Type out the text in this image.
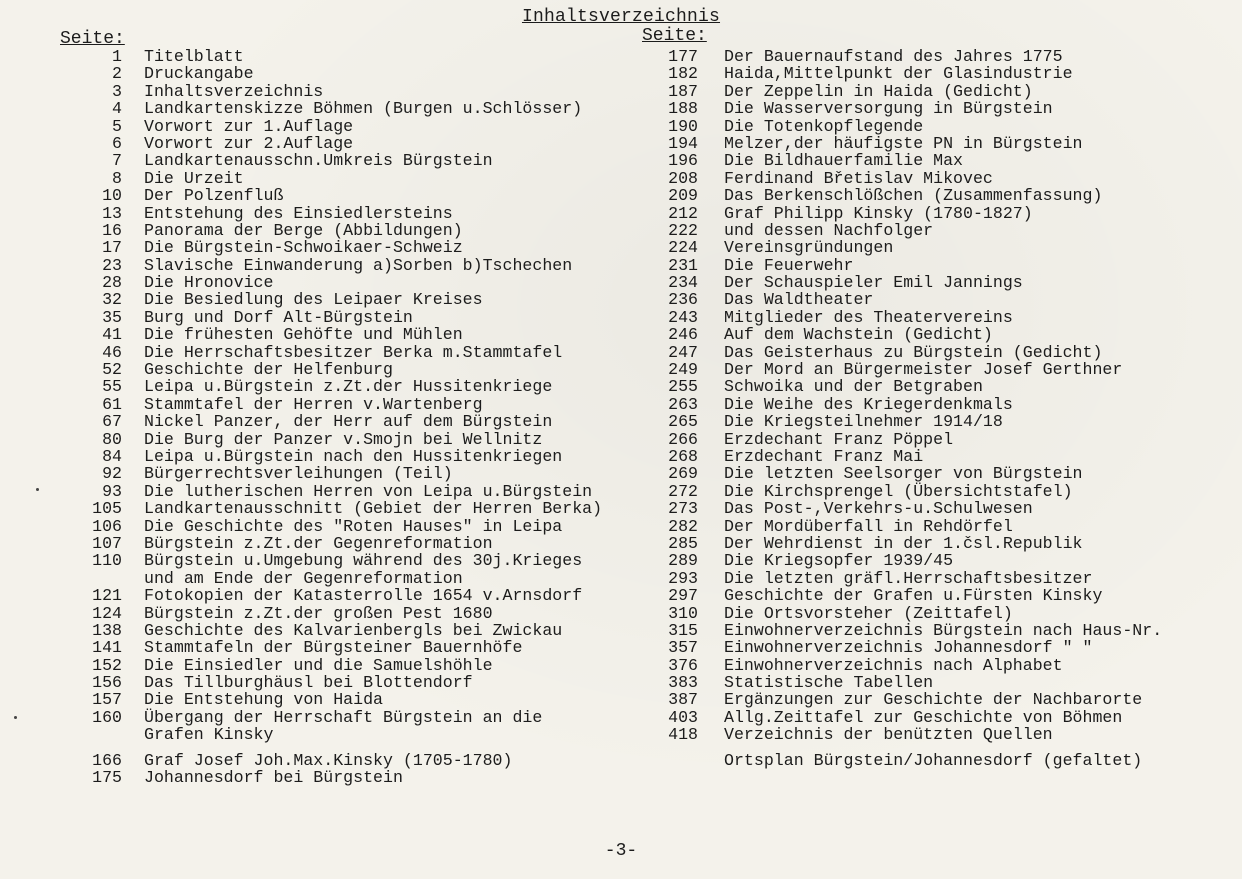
Inhaltsverzeichnis
Seite:	Seite:
1 Titelblatt
2 Druckangabe
3 Inhaltsverzeichnis
4 Landkartenskizze Böhmen (Burgen u.Schlösser)
5 Vorwort zur 1.Auflage
6 Vorwort zur 2.Auflage
7 Landkartenausschn.Umkreis Bürgstein
8 Die Urzeit
10 Der Polzenfluß
13 Entstehung des Einsiedlersteins
16 Panorama der Berge (Abbildungen)
17 Die Bürgstein-Schwoikaer-Schweiz
23 Slavische Einwanderung a)Sorben b)Tschechen
28 Die Hronovice
32 Die Besiedlung des Leipaer Kreises
35 Burg und Dorf Alt-Bürgstein
41 Die frühesten Gehöfte und Mühlen
46 Die Herrschaftsbesitzer Berka m.Stammtafel
52 Geschichte der Helfenburg
55 Leipa u.Bürgstein z.Zt.der Hussitenkriege
61 Stammtafel der Herren v.Wartenberg
67 Nickel Panzer, der Herr auf dem Bürgstein
80 Die Burg der Panzer v.Smojn bei Wellnitz
84 Leipa u.Bürgstein nach den Hussitenkriegen
92 Bürgerrechtsverleihungen (Teil)
93 Die lutherischen Herren von Leipa u.Bürgstein
105 Landkartenausschnitt (Gebiet der Herren Berka)
106 Die Geschichte des "Roten Hauses" in Leipa
107 Bürgstein z.Zt.der Gegenreformation
110 Bürgstein u.Umgebung während des 30j.Krieges
und am Ende der Gegenreformation
121 Fotokopien der Katasterrolle 1654 v.Arnsdorf
124 Bürgstein z.Zt.der großen Pest 1680
138 Geschichte des Kalvarienbergls bei Zwickau
141 Stammtafeln der Bürgsteiner Bauernhöfe
152 Die Einsiedler und die Samuelshöhle
156 Das Tillburghäusl bei Blottendorf
157 Die Entstehung von Haida
160 Übergang der Herrschaft Bürgstein an die
Grafen Kinsky
166 Graf Josef Joh.Max.Kinsky (1705-1780)
175 Johannesdorf bei Bürgstein
177 Der Bauernaufstand des Jahres 1775
182 Haida,Mittelpunkt der Glasindustrie
187 Der Zeppelin in Haida (Gedicht)
188 Die Wasserversorgung in Bürgstein
190 Die Totenkopflegende
194 Melzer,der häufigste PN in Bürgstein
196 Die Bildhauerfamilie Max
208 Ferdinand Břetislav Mikovec
209 Das Berkenschlößchen (Zusammenfassung)
212 Graf Philipp Kinsky (1780-1827)
222 und dessen Nachfolger
224 Vereinsgründungen
231 Die Feuerwehr
234 Der Schauspieler Emil Jannings
236 Das Waldtheater
243 Mitglieder des Theatervereins
246 Auf dem Wachstein (Gedicht)
247 Das Geisterhaus zu Bürgstein (Gedicht)
249 Der Mord an Bürgermeister Josef Gerthner
255 Schwoika und der Betgraben
263 Die Weihe des Kriegerdenkmals
265 Die Kriegsteilnehmer 1914/18
266 Erzdechant Franz Pöppel
268 Erzdechant Franz Mai
269 Die letzten Seelsorger von Bürgstein
272 Die Kirchsprengel (Übersichtstafel)
273 Das Post-,Verkehrs-u.Schulwesen
282 Der Mordüberfall in Rehdörfel
285 Der Wehrdienst in der 1.čsl.Republik
289 Die Kriegsopfer 1939/45
293 Die letzten gräfl.Herrschaftsbesitzer
297 Geschichte der Grafen u.Fürsten Kinsky
310 Die Ortsvorsteher (Zeittafel)
315 Einwohnerverzeichnis Bürgstein nach Haus-Nr.
357 Einwohnerverzeichnis Johannesdorf " "
376 Einwohnerverzeichnis nach Alphabet
383 Statistische Tabellen
387 Ergänzungen zur Geschichte der Nachbarorte
403 Allg.Zeittafel zur Geschichte von Böhmen
418 Verzeichnis der benützten Quellen
Ortsplan Bürgstein/Johannesdorf (gefaltet)
-3-
